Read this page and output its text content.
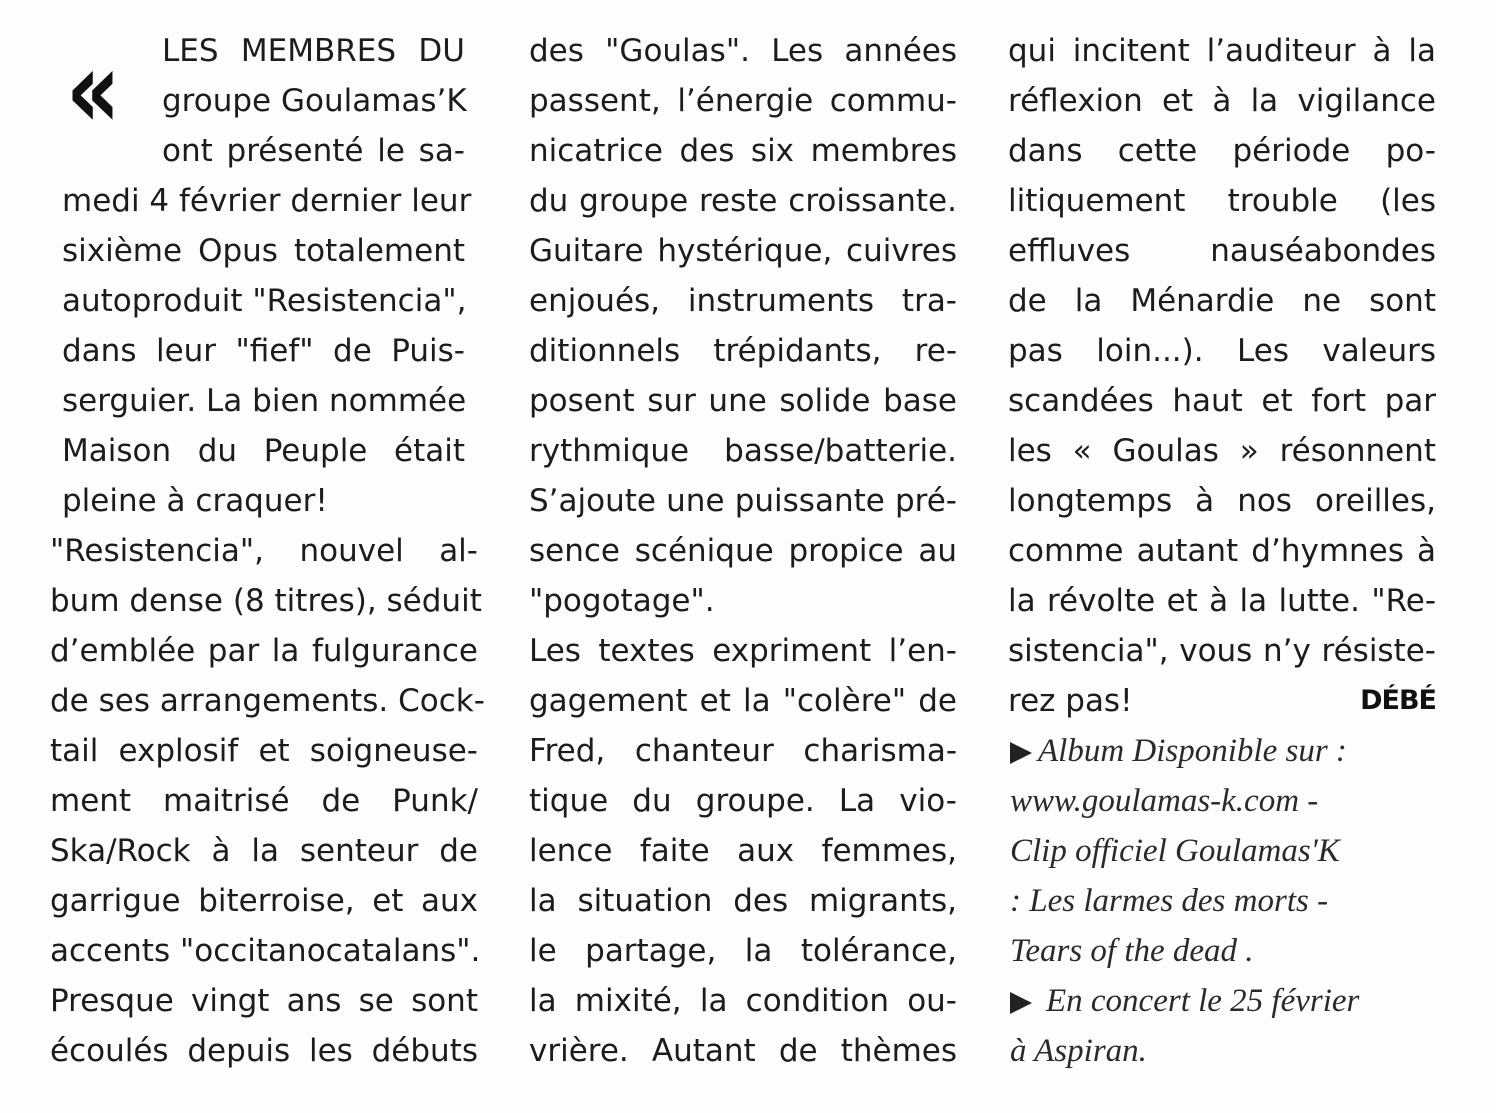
« LES MEMBRES DU
groupe Goulamas’K
ont présenté le sa-
medi 4 février dernier leur
sixième Opus totalement
autoproduit "Resistencia",
dans leur "fief" de Puis-
serguier. La bien nommée
Maison du Peuple était
pleine à craquer!
"Resistencia", nouvel al-
bum dense (8 titres), séduit
d’emblée par la fulgurance
de ses arrangements. Cock-
tail explosif et soigneuse-
ment maitrisé de Punk/
Ska/Rock à la senteur de
garrigue biterroise, et aux
accents "occitanocatalans".
Presque vingt ans se sont
écoulés depuis les débuts
des "Goulas". Les années
passent, l’énergie commu-
nicatrice des six membres
du groupe reste croissante.
Guitare hystérique, cuivres
enjoués, instruments tra-
ditionnels trépidants, re-
posent sur une solide base
rythmique basse/batterie.
S’ajoute une puissante pré-
sence scénique propice au
"pogotage".
Les textes expriment l’en-
gagement et la "colère" de
Fred, chanteur charisma-
tique du groupe. La vio-
lence faite aux femmes,
la situation des migrants,
le partage, la tolérance,
la mixité, la condition ou-
vrière. Autant de thèmes
qui incitent l’auditeur à la
réflexion et à la vigilance
dans cette période po-
litiquement trouble (les
effluves nauséabondes
de la Ménardie ne sont
pas loin...). Les valeurs
scandées haut et fort par
les « Goulas » résonnent
longtemps à nos oreilles,
comme autant d’hymnes à
la révolte et à la lutte. "Re-
sistencia", vous n’y résiste-
rez pas!	DÉBÉ
Album Disponible sur :
www.goulamas-k.com -
Clip officiel Goulamas'K
: Les larmes des morts -
Tears of the dead .
En concert le 25 février
à Aspiran.
